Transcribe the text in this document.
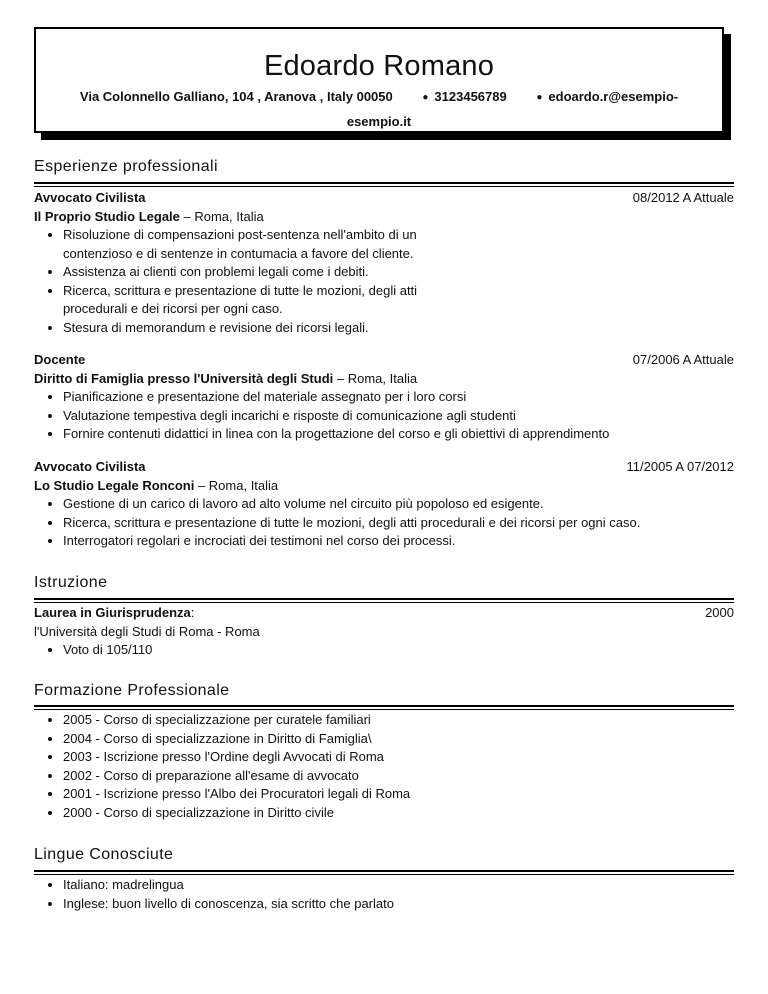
Edoardo Romano
Via Colonnello Galliano, 104 , Aranova , Italy 00050	● 3123456789	● edoardo.r@esempio-
esempio.it
Esperienze professionali
Avvocato Civilista	08/2012 A Attuale
Il Proprio Studio Legale – Roma, Italia
• Risoluzione di compensazioni post-sentenza nell'ambito di un contenzioso e di sentenze in contumacia a favore del cliente.
• Assistenza ai clienti con problemi legali come i debiti.
• Ricerca, scrittura e presentazione di tutte le mozioni, degli atti procedurali e dei ricorsi per ogni caso.
• Stesura di memorandum e revisione dei ricorsi legali.
Docente	07/2006 A Attuale
Diritto di Famiglia presso l'Università degli Studi – Roma, Italia
• Pianificazione e presentazione del materiale assegnato per i loro corsi
• Valutazione tempestiva degli incarichi e risposte di comunicazione agli studenti
• Fornire contenuti didattici in linea con la progettazione del corso e gli obiettivi di apprendimento
Avvocato Civilista	11/2005 A 07/2012
Lo Studio Legale Ronconi – Roma, Italia
• Gestione di un carico di lavoro ad alto volume nel circuito più popoloso ed esigente.
• Ricerca, scrittura e presentazione di tutte le mozioni, degli atti procedurali e dei ricorsi per ogni caso.
• Interrogatori regolari e incrociati dei testimoni nel corso dei processi.
Istruzione
Laurea in Giurisprudenza:	2000
l'Università degli Studi di Roma - Roma
• Voto di 105/110
Formazione Professionale
• 2005 - Corso di specializzazione per curatele familiari
• 2004 - Corso di specializzazione in Diritto di Famiglia\
• 2003 - Iscrizione presso l'Ordine degli Avvocati di Roma
• 2002 - Corso di preparazione all'esame di avvocato
• 2001 - Iscrizione presso l'Albo dei Procuratori legali di Roma
• 2000 - Corso di specializzazione in Diritto civile
Lingue Conosciute
• Italiano: madrelingua
• Inglese: buon livello di conoscenza, sia scritto che parlato
